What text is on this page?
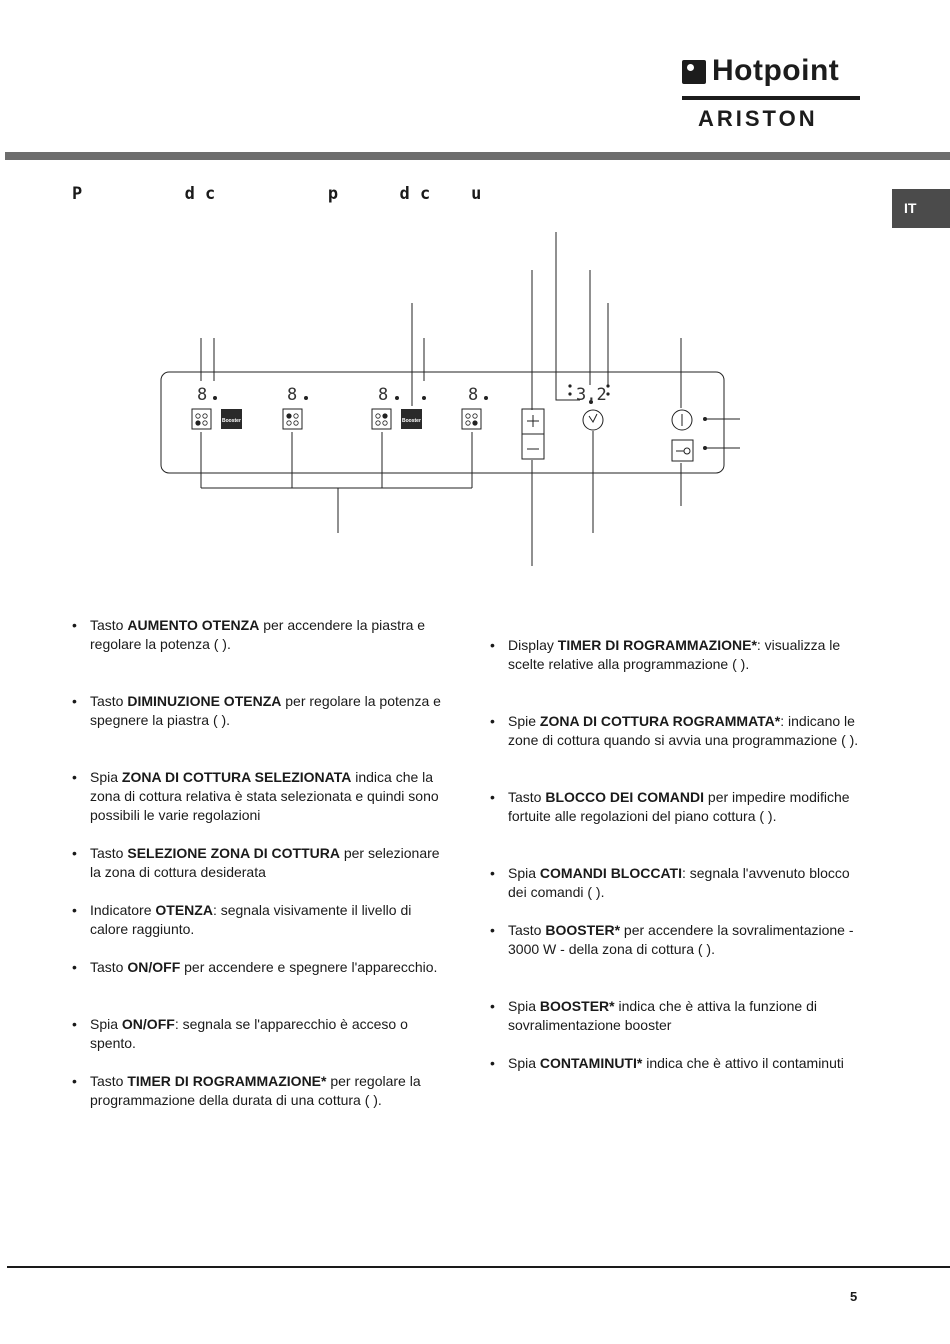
Hotpoint
ARISTON
IT
P          d c           p      d c    u
8	8	8	8	3.2
Booster	Booster
• Tasto AUMENTO OTENZA per accendere la piastra e regolare la potenza ( ).
• Tasto DIMINUZIONE OTENZA per regolare la potenza e spegnere la piastra ( ).
• Spia ZONA DI COTTURA SELEZIONATA indica che la zona di cottura relativa è stata selezionata e quindi sono possibili le varie regolazioni
• Tasto SELEZIONE ZONA DI COTTURA per selezionare la zona di cottura desiderata
• Indicatore OTENZA: segnala visivamente il livello di calore raggiunto.
• Tasto ON/OFF per accendere e spegnere l'apparecchio.
• Spia ON/OFF: segnala se l'apparecchio è acceso o spento.
• Tasto TIMER DI ROGRAMMAZIONE* per regolare la programmazione della durata di una cottura ( ).
• Display TIMER DI ROGRAMMAZIONE*: visualizza le scelte relative alla programmazione ( ).
• Spie ZONA DI COTTURA ROGRAMMATA*: indicano le zone di cottura quando si avvia una programmazione ( ).
• Tasto BLOCCO DEI COMANDI per impedire modifiche fortuite alle regolazioni del piano cottura ( ).
• Spia COMANDI BLOCCATI: segnala l'avvenuto blocco dei comandi ( ).
• Tasto BOOSTER* per accendere la sovralimentazione - 3000 W - della zona di cottura ( ).
• Spia BOOSTER* indica che è attiva la funzione di sovralimentazione booster
• Spia CONTAMINUTI* indica che è attivo il contaminuti
5
